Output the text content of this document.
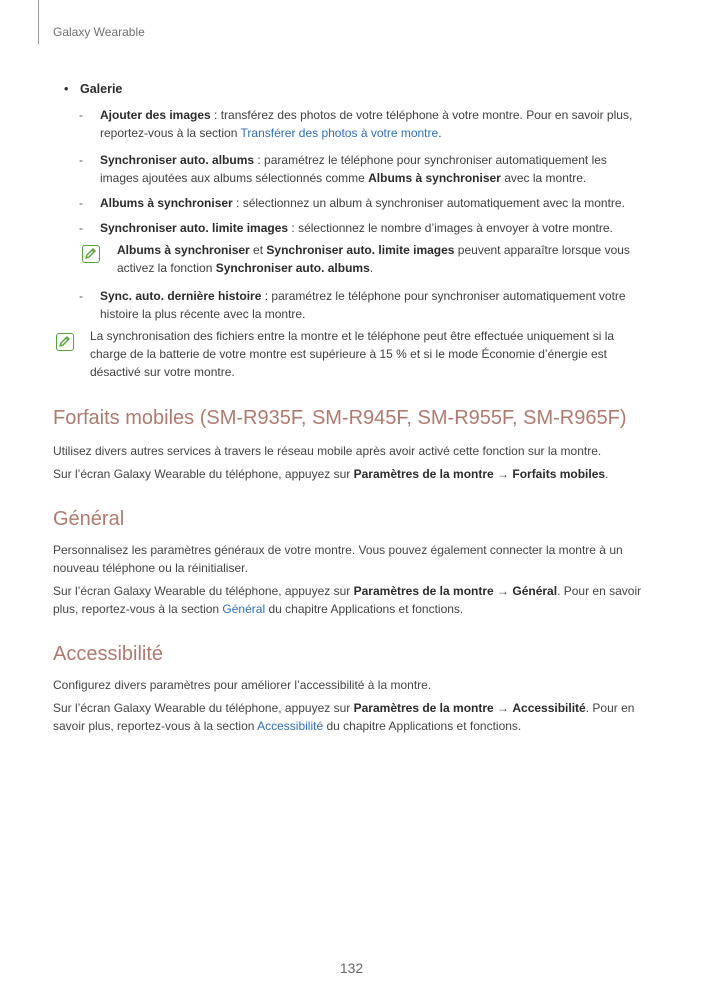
Galaxy Wearable
• Galerie
- Ajouter des images : transférez des photos de votre téléphone à votre montre. Pour en savoir plus, reportez-vous à la section Transférer des photos à votre montre.
- Synchroniser auto. albums : paramétrez le téléphone pour synchroniser automatiquement les images ajoutées aux albums sélectionnés comme Albums à synchroniser avec la montre.
- Albums à synchroniser : sélectionnez un album à synchroniser automatiquement avec la montre.
- Synchroniser auto. limite images : sélectionnez le nombre d’images à envoyer à votre montre.
Albums à synchroniser et Synchroniser auto. limite images peuvent apparaître lorsque vous activez la fonction Synchroniser auto. albums.
- Sync. auto. dernière histoire : paramétrez le téléphone pour synchroniser automatiquement votre histoire la plus récente avec la montre.
La synchronisation des fichiers entre la montre et le téléphone peut être effectuée uniquement si la charge de la batterie de votre montre est supérieure à 15 % et si le mode Économie d’énergie est désactivé sur votre montre.
Forfaits mobiles (SM-R935F, SM-R945F, SM-R955F, SM-R965F)
Utilisez divers autres services à travers le réseau mobile après avoir activé cette fonction sur la montre.
Sur l’écran Galaxy Wearable du téléphone, appuyez sur Paramètres de la montre → Forfaits mobiles.
Général
Personnalisez les paramètres généraux de votre montre. Vous pouvez également connecter la montre à un nouveau téléphone ou la réinitialiser.
Sur l’écran Galaxy Wearable du téléphone, appuyez sur Paramètres de la montre → Général. Pour en savoir plus, reportez-vous à la section Général du chapitre Applications et fonctions.
Accessibilité
Configurez divers paramètres pour améliorer l’accessibilité à la montre.
Sur l’écran Galaxy Wearable du téléphone, appuyez sur Paramètres de la montre → Accessibilité. Pour en savoir plus, reportez-vous à la section Accessibilité du chapitre Applications et fonctions.
132
